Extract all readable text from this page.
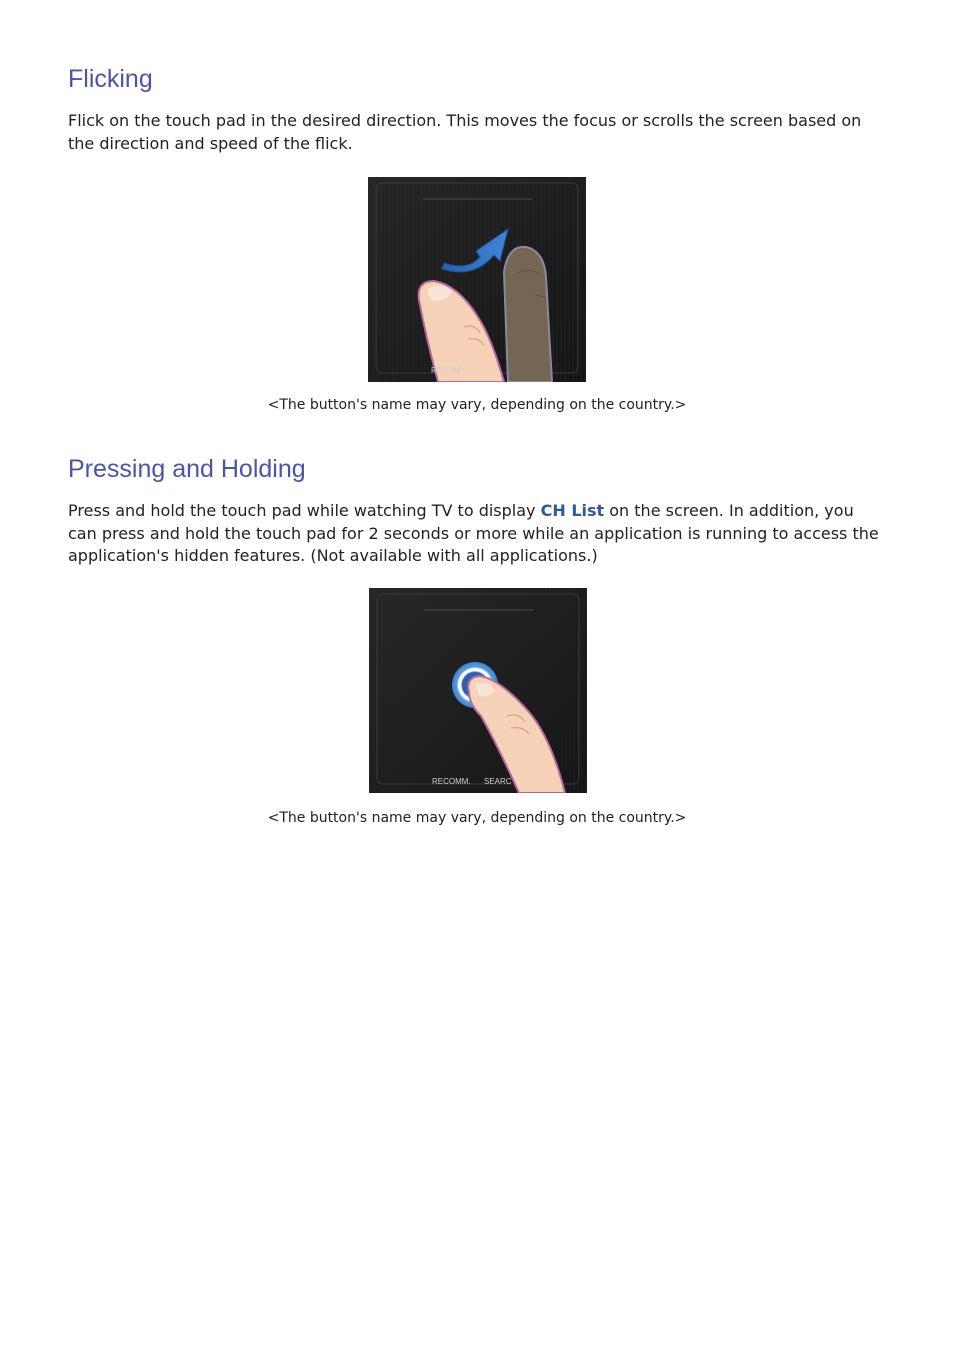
Flicking

Flick on the touch pad in the desired direction. This moves the focus or scrolls the screen based on the direction and speed of the flick.

RECOM

<The button's name may vary, depending on the country.>

Pressing and Holding

Press and hold the touch pad while watching TV to display CH List on the screen. In addition, you can press and hold the touch pad for 2 seconds or more while an application is running to access the application's hidden features. (Not available with all applications.)

RECOMM. SEARC

<The button's name may vary, depending on the country.>
